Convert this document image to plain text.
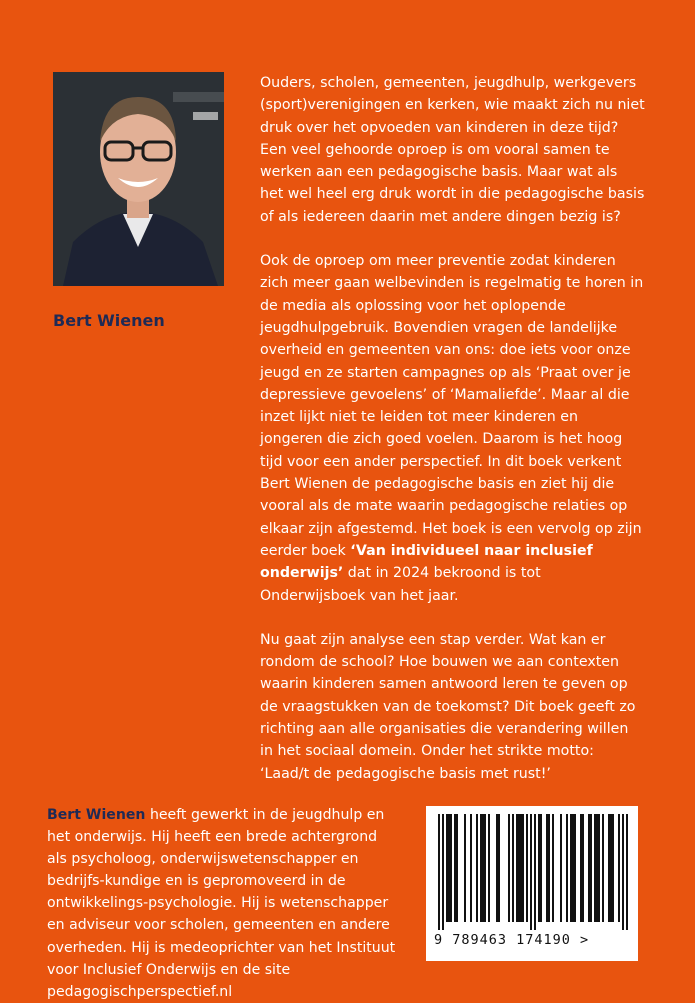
Bert Wienen

Ouders, scholen, gemeenten, jeugdhulp, werkgevers (sport)verenigingen en kerken, wie maakt zich nu niet druk over het opvoeden van kinderen in deze tijd? Een veel gehoorde oproep is om vooral samen te werken aan een pedagogische basis. Maar wat als het wel heel erg druk wordt in die pedagogische basis of als iedereen daarin met andere dingen bezig is?

Ook de oproep om meer preventie zodat kinderen zich meer gaan welbevinden is regelmatig te horen in de media als oplossing voor het oplopende jeugdhulpgebruik. Bovendien vragen de landelijke overheid en gemeenten van ons: doe iets voor onze jeugd en ze starten campagnes op als ‘Praat over je depressieve gevoelens’ of ‘Mamaliefde’. Maar al die inzet lijkt niet te leiden tot meer kinderen en jongeren die zich goed voelen. Daarom is het hoog tijd voor een ander perspectief. In dit boek verkent Bert Wienen de pedagogische basis en ziet hij die vooral als de mate waarin pedagogische relaties op elkaar zijn afgestemd. Het boek is een vervolg op zijn eerder boek ‘Van individueel naar inclusief onderwijs’ dat in 2024 bekroond is tot Onderwijsboek van het jaar.

Nu gaat zijn analyse een stap verder. Wat kan er rondom de school? Hoe bouwen we aan contexten waarin kinderen samen antwoord leren te geven op de vraagstukken van de toekomst? Dit boek geeft zo richting aan alle organisaties die verandering willen in het sociaal domein. Onder het strikte motto: ‘Laad/t de pedagogische basis met rust!’

Bert Wienen heeft gewerkt in de jeugdhulp en het onderwijs. Hij heeft een brede achtergrond als psycholoog, onderwijswetenschapper en bedrijfs-kundige en is gepromoveerd in de ontwikkelings-psychologie. Hij is wetenschapper en adviseur voor scholen, gemeenten en andere overheden. Hij is medeoprichter van het Instituut voor Inclusief Onderwijs en de site pedagogischperspectief.nl
9 789463 174190 >
